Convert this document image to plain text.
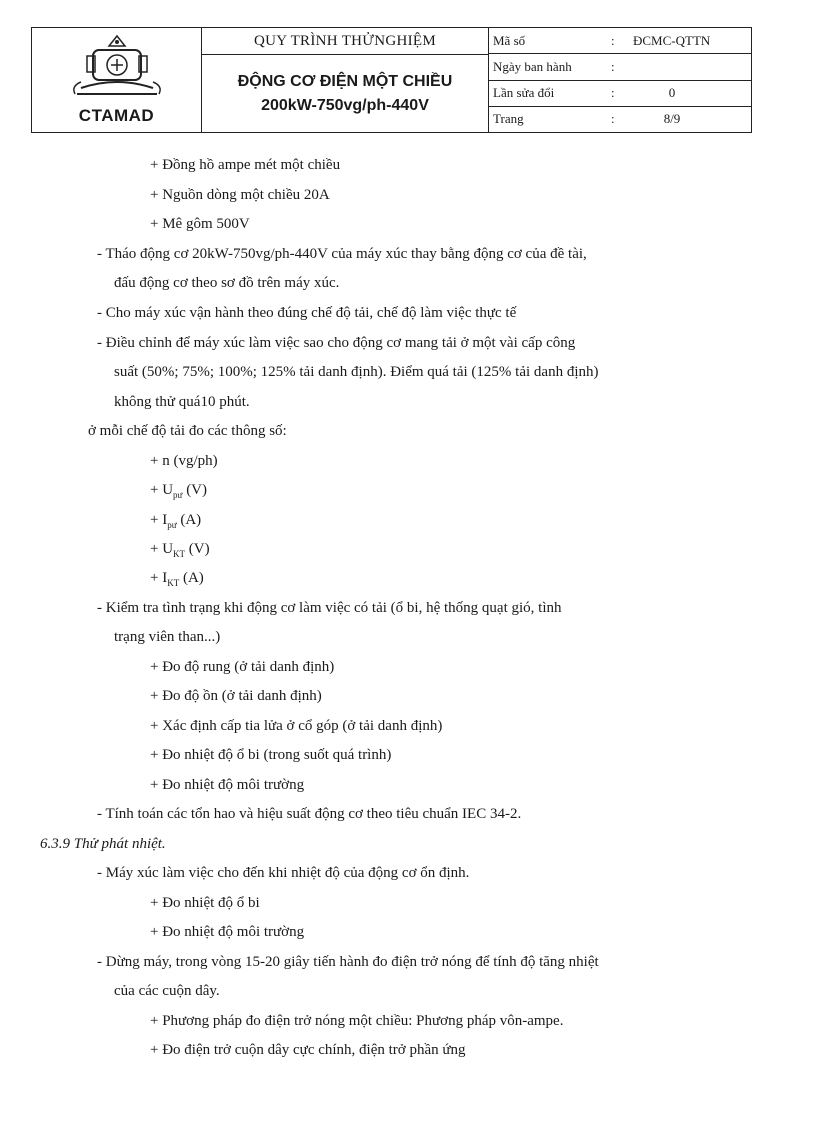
CTAMAD
QUY TRÌNH THỬNGHIỆM
ĐỘNG CƠ ĐIỆN MỘT CHIỀU
200kW-750vg/ph-440V
Mã số	:	ĐCMC-QTTN
Ngày ban hành	:
Lần sửa đổi	:	0
Trang	:	8/9
+ Đồng hồ ampe mét một chiều
+ Nguồn dòng một chiều 20A
+ Mê gôm 500V
- Tháo động cơ 20kW-750vg/ph-440V của máy xúc thay bằng động cơ của đề tài,
đấu động cơ theo sơ đồ trên máy xúc.
- Cho máy xúc vận hành theo đúng chế độ tải, chế độ làm việc thực tế
- Điều chỉnh để máy xúc làm việc sao cho động cơ mang tải ở một vài cấp công
suất (50%; 75%; 100%; 125% tải danh định). Điểm quá tải (125% tải danh định)
không thử quá10 phút.
ở mỗi chế độ tải đo các thông số:
+ n (vg/ph)
+ $U_{pư}$ (V)
+ $I_{pư}$ (A)
+ $U_{KT}$ (V)
+ $I_{KT}$ (A)
- Kiểm tra tình trạng khi động cơ làm việc có tải (ổ bi, hệ thống quạt gió, tình
trạng viên than...)
+ Đo độ rung (ở tải danh định)
+ Đo độ ồn (ở tải danh định)
+ Xác định cấp tia lửa ở cổ góp (ở tải danh định)
+ Đo nhiệt độ ổ bi (trong suốt quá trình)
+ Đo nhiệt độ môi trường
- Tính toán các tổn hao và hiệu suất động cơ theo tiêu chuẩn IEC 34-2.
6.3.9 Thử phát nhiệt.
- Máy xúc làm việc cho đến khi nhiệt độ của động cơ ổn định.
+ Đo nhiệt độ ổ bi
+ Đo nhiệt độ môi trường
- Dừng máy, trong vòng 15-20 giây tiến hành đo điện trở nóng để tính độ tăng nhiệt
của các cuộn dây.
+ Phương pháp đo điện trở nóng một chiều: Phương pháp vôn-ampe.
+ Đo điện trở cuộn dây cực chính, điện trở phần ứng
